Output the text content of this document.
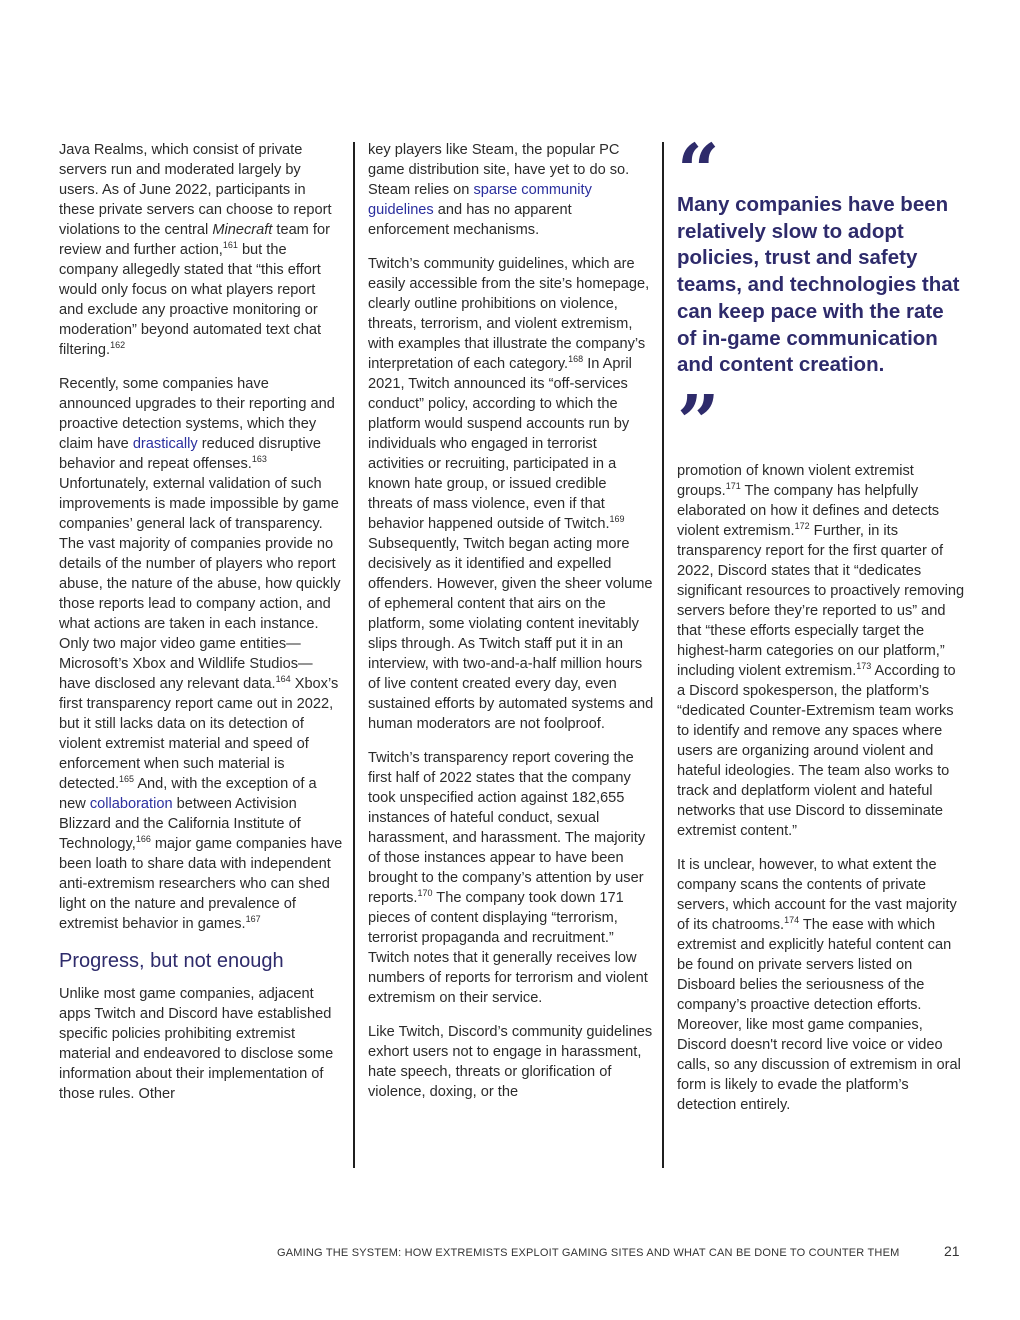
Java Realms, which consist of private servers run and moderated largely by users. As of June 2022, participants in these private servers can choose to report violations to the central Minecraft team for review and further action,$^{161}$ but the company allegedly stated that “this effort would only focus on what players report and exclude any proactive monitoring or moderation” beyond automated text chat filtering.$^{162}$

Recently, some companies have announced upgrades to their reporting and proactive detection systems, which they claim have drastically reduced disruptive behavior and repeat offenses.$^{163}$ Unfortunately, external validation of such improvements is made impossible by game companies’ general lack of transparency. The vast majority of companies provide no details of the number of players who report abuse, the nature of the abuse, how quickly those reports lead to company action, and what actions are taken in each instance. Only two major video game entities—Microsoft’s Xbox and Wildlife Studios—have disclosed any relevant data.$^{164}$ Xbox’s first transparency report came out in 2022, but it still lacks data on its detection of violent extremist material and speed of enforcement when such material is detected.$^{165}$ And, with the exception of a new collaboration between Activision Blizzard and the California Institute of Technology,$^{166}$ major game companies have been loath to share data with independent anti-extremism researchers who can shed light on the nature and prevalence of extremist behavior in games.$^{167}$

Progress, but not enough

Unlike most game companies, adjacent apps Twitch and Discord have established specific policies prohibiting extremist material and endeavored to disclose some information about their implementation of those rules. Other

key players like Steam, the popular PC game distribution site, have yet to do so. Steam relies on sparse community guidelines and has no apparent enforcement mechanisms.

Twitch’s community guidelines, which are easily accessible from the site’s homepage, clearly outline prohibitions on violence, threats, terrorism, and violent extremism, with examples that illustrate the company’s interpretation of each category.$^{168}$ In April 2021, Twitch announced its “off-services conduct” policy, according to which the platform would suspend accounts run by individuals who engaged in terrorist activities or recruiting, participated in a known hate group, or issued credible threats of mass violence, even if that behavior happened outside of Twitch.$^{169}$ Subsequently, Twitch began acting more decisively as it identified and expelled offenders. However, given the sheer volume of ephemeral content that airs on the platform, some violating content inevitably slips through. As Twitch staff put it in an interview, with two-and-a-half million hours of live content created every day, even sustained efforts by automated systems and human moderators are not foolproof.

Twitch’s transparency report covering the first half of 2022 states that the company took unspecified action against 182,655 instances of hateful conduct, sexual harassment, and harassment. The majority of those instances appear to have been brought to the company’s attention by user reports.$^{170}$ The company took down 171 pieces of content displaying “terrorism, terrorist propaganda and recruitment.” Twitch notes that it generally receives low numbers of reports for terrorism and violent extremism on their service.

Like Twitch, Discord’s community guidelines exhort users not to engage in harassment, hate speech, threats or glorification of violence, doxing, or the

“

Many companies have been relatively slow to adopt policies, trust and safety teams, and technologies that can keep pace with the rate of in-game communication and content creation.

”

promotion of known violent extremist groups.$^{171}$ The company has helpfully elaborated on how it defines and detects violent extremism.$^{172}$ Further, in its transparency report for the first quarter of 2022, Discord states that it “dedicates significant resources to proactively removing servers before they’re reported to us” and that “these efforts especially target the highest-harm categories on our platform,” including violent extremism.$^{173}$ According to a Discord spokesperson, the platform’s “dedicated Counter-Extremism team works to identify and remove any spaces where users are organizing around violent and hateful ideologies. The team also works to track and deplatform violent and hateful networks that use Discord to disseminate extremist content.”

It is unclear, however, to what extent the company scans the contents of private servers, which account for the vast majority of its chatrooms.$^{174}$ The ease with which extremist and explicitly hateful content can be found on private servers listed on Disboard belies the seriousness of the company’s proactive detection efforts. Moreover, like most game companies, Discord doesn't record live voice or video calls, so any discussion of extremism in oral form is likely to evade the platform’s detection entirely.

GAMING THE SYSTEM: HOW EXTREMISTS EXPLOIT GAMING SITES AND WHAT CAN BE DONE TO COUNTER THEM	21
